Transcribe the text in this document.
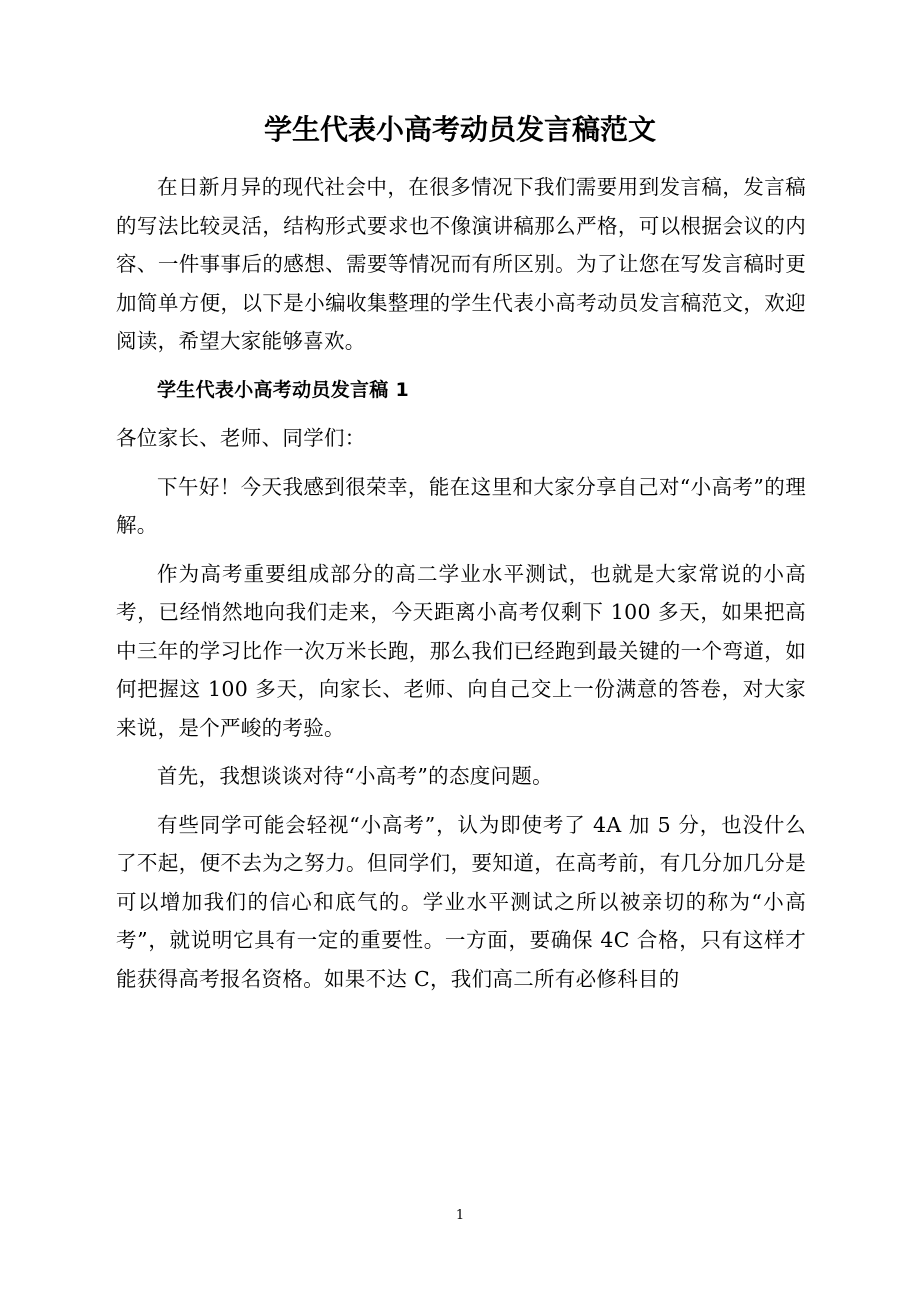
学生代表小高考动员发言稿范文

在日新月异的现代社会中，在很多情况下我们需要用到发言稿，发言稿的写法比较灵活，结构形式要求也不像演讲稿那么严格，可以根据会议的内容、一件事事后的感想、需要等情况而有所区别。为了让您在写发言稿时更加简单方便，以下是小编收集整理的学生代表小高考动员发言稿范文，欢迎阅读，希望大家能够喜欢。

学生代表小高考动员发言稿 1

各位家长、老师、同学们：

下午好！今天我感到很荣幸，能在这里和大家分享自己对“小高考”的理解。

作为高考重要组成部分的高二学业水平测试，也就是大家常说的小高考，已经悄然地向我们走来，今天距离小高考仅剩下 100 多天，如果把高中三年的学习比作一次万米长跑，那么我们已经跑到最关键的一个弯道，如何把握这 100 多天，向家长、老师、向自己交上一份满意的答卷，对大家来说，是个严峻的考验。

首先，我想谈谈对待“小高考”的态度问题。

有些同学可能会轻视“小高考”，认为即使考了 4A 加 5 分，也没什么了不起，便不去为之努力。但同学们，要知道，在高考前，有几分加几分是可以增加我们的信心和底气的。学业水平测试之所以被亲切的称为“小高考”，就说明它具有一定的重要性。一方面，要确保 4C 合格，只有这样才能获得高考报名资格。如果不达 C，我们高二所有必修科目的

1
